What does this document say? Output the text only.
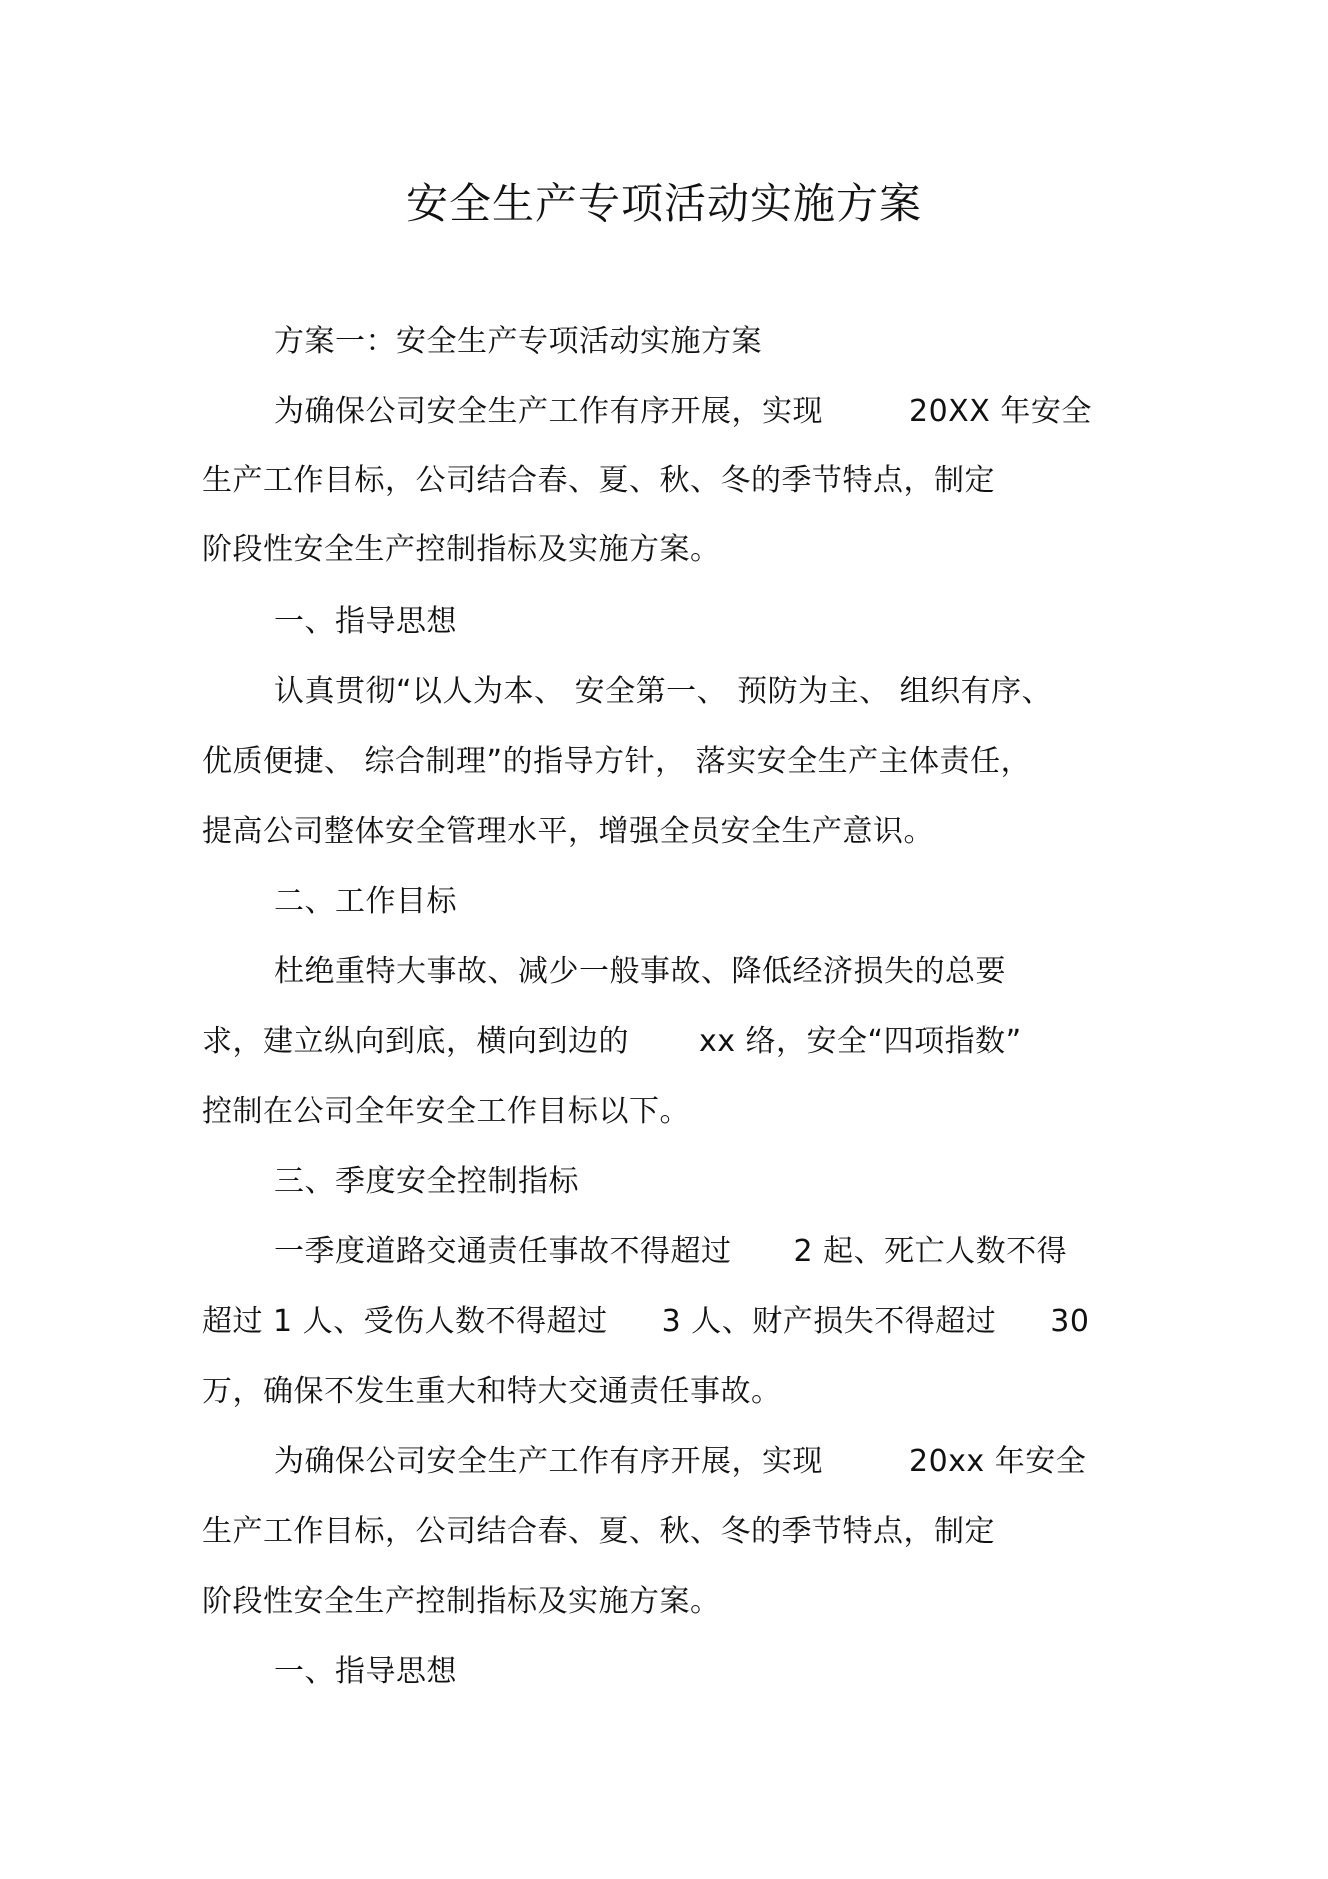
安全生产专项活动实施方案
方案一：安全生产专项活动实施方案
为确保公司安全生产工作有序开展，实现	20XX 年安全
生产工作目标，公司结合春、夏、秋、冬的季节特点，制定
阶段性安全生产控制指标及实施方案。
一、指导思想
认真贯彻“以人为本、 安全第一、 预防为主、 组织有序、
优质便捷、 综合制理”的指导方针， 落实安全生产主体责任，
提高公司整体安全管理水平，增强全员安全生产意识。
二、工作目标
杜绝重特大事故、减少一般事故、降低经济损失的总要
求，建立纵向到底，横向到边的 xx 络，安全“四项指数”
控制在公司全年安全工作目标以下。
三、季度安全控制指标
一季度道路交通责任事故不得超过 2 起、死亡人数不得
超过 1 人、受伤人数不得超过 3 人、财产损失不得超过 30
万，确保不发生重大和特大交通责任事故。
为确保公司安全生产工作有序开展，实现	20xx 年安全
生产工作目标，公司结合春、夏、秋、冬的季节特点，制定
阶段性安全生产控制指标及实施方案。
一、指导思想
